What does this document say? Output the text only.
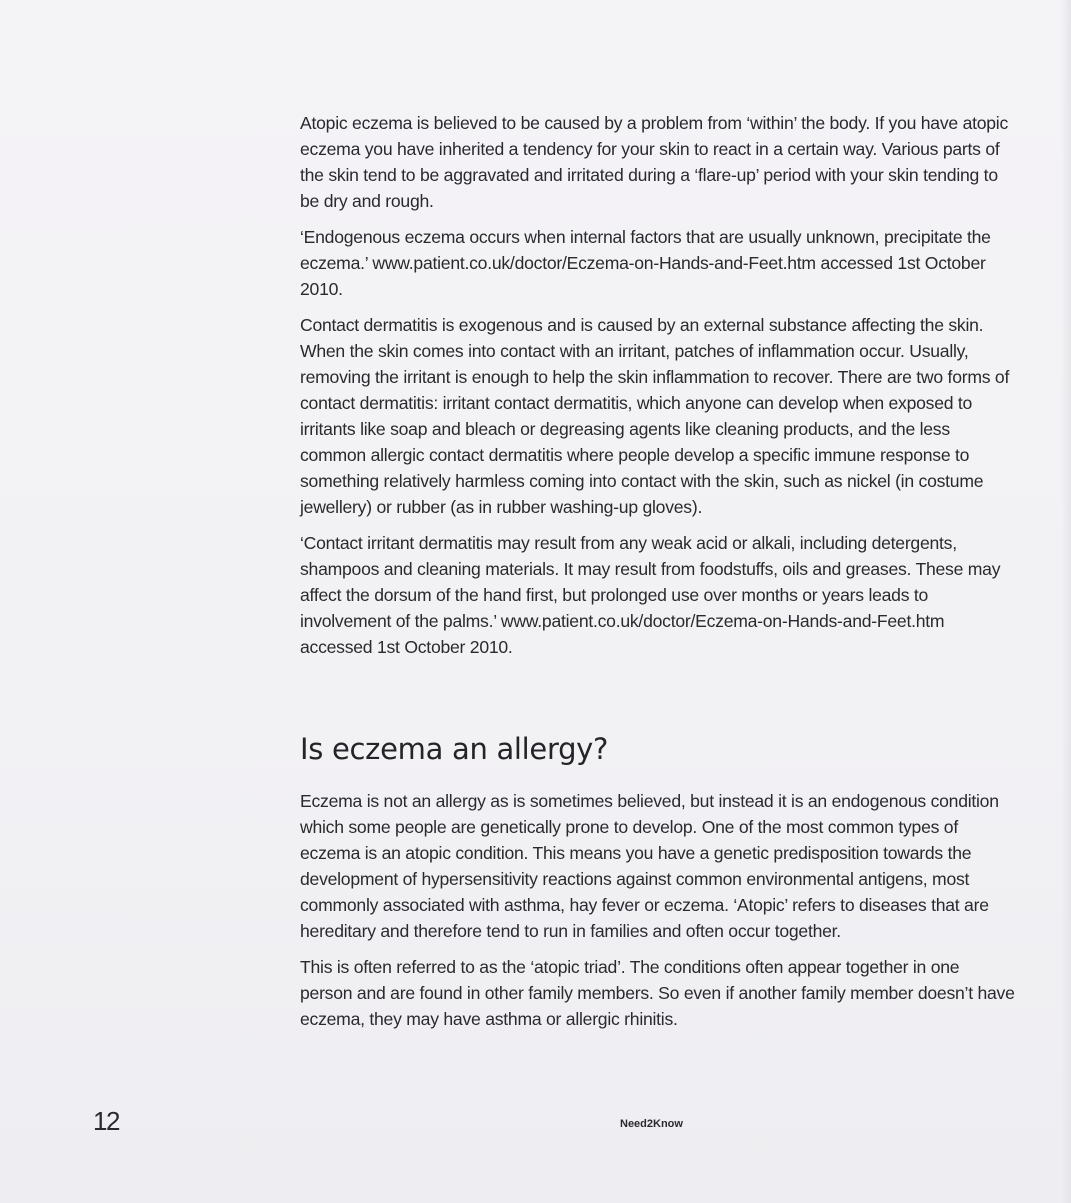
Atopic eczema is believed to be caused by a problem from ‘within’ the body. If you have atopic eczema you have inherited a tendency for your skin to react in a certain way. Various parts of the skin tend to be aggravated and irritated during a ‘flare-up’ period with your skin tending to be dry and rough.

‘Endogenous eczema occurs when internal factors that are usually unknown, precipitate the eczema.’ www.patient.co.uk/doctor/Eczema-on-Hands-and-Feet.htm accessed 1st October 2010.

Contact dermatitis is exogenous and is caused by an external substance affecting the skin. When the skin comes into contact with an irritant, patches of inflammation occur. Usually, removing the irritant is enough to help the skin inflammation to recover. There are two forms of contact dermatitis: irritant contact dermatitis, which anyone can develop when exposed to irritants like soap and bleach or degreasing agents like cleaning products, and the less common allergic contact dermatitis where people develop a specific immune response to something relatively harmless coming into contact with the skin, such as nickel (in costume jewellery) or rubber (as in rubber washing-up gloves).

‘Contact irritant dermatitis may result from any weak acid or alkali, including detergents, shampoos and cleaning materials. It may result from foodstuffs, oils and greases. These may affect the dorsum of the hand first, but prolonged use over months or years leads to involvement of the palms.’ www.patient.co.uk/doctor/Eczema-on-Hands-and-Feet.htm accessed 1st October 2010.

Is eczema an allergy?

Eczema is not an allergy as is sometimes believed, but instead it is an endogenous condition which some people are genetically prone to develop. One of the most common types of eczema is an atopic condition. This means you have a genetic predisposition towards the development of hypersensitivity reactions against common environmental antigens, most commonly associated with asthma, hay fever or eczema. ‘Atopic’ refers to diseases that are hereditary and therefore tend to run in families and often occur together.

This is often referred to as the ‘atopic triad’. The conditions often appear together in one person and are found in other family members. So even if another family member doesn’t have eczema, they may have asthma or allergic rhinitis.

12	Need2Know
